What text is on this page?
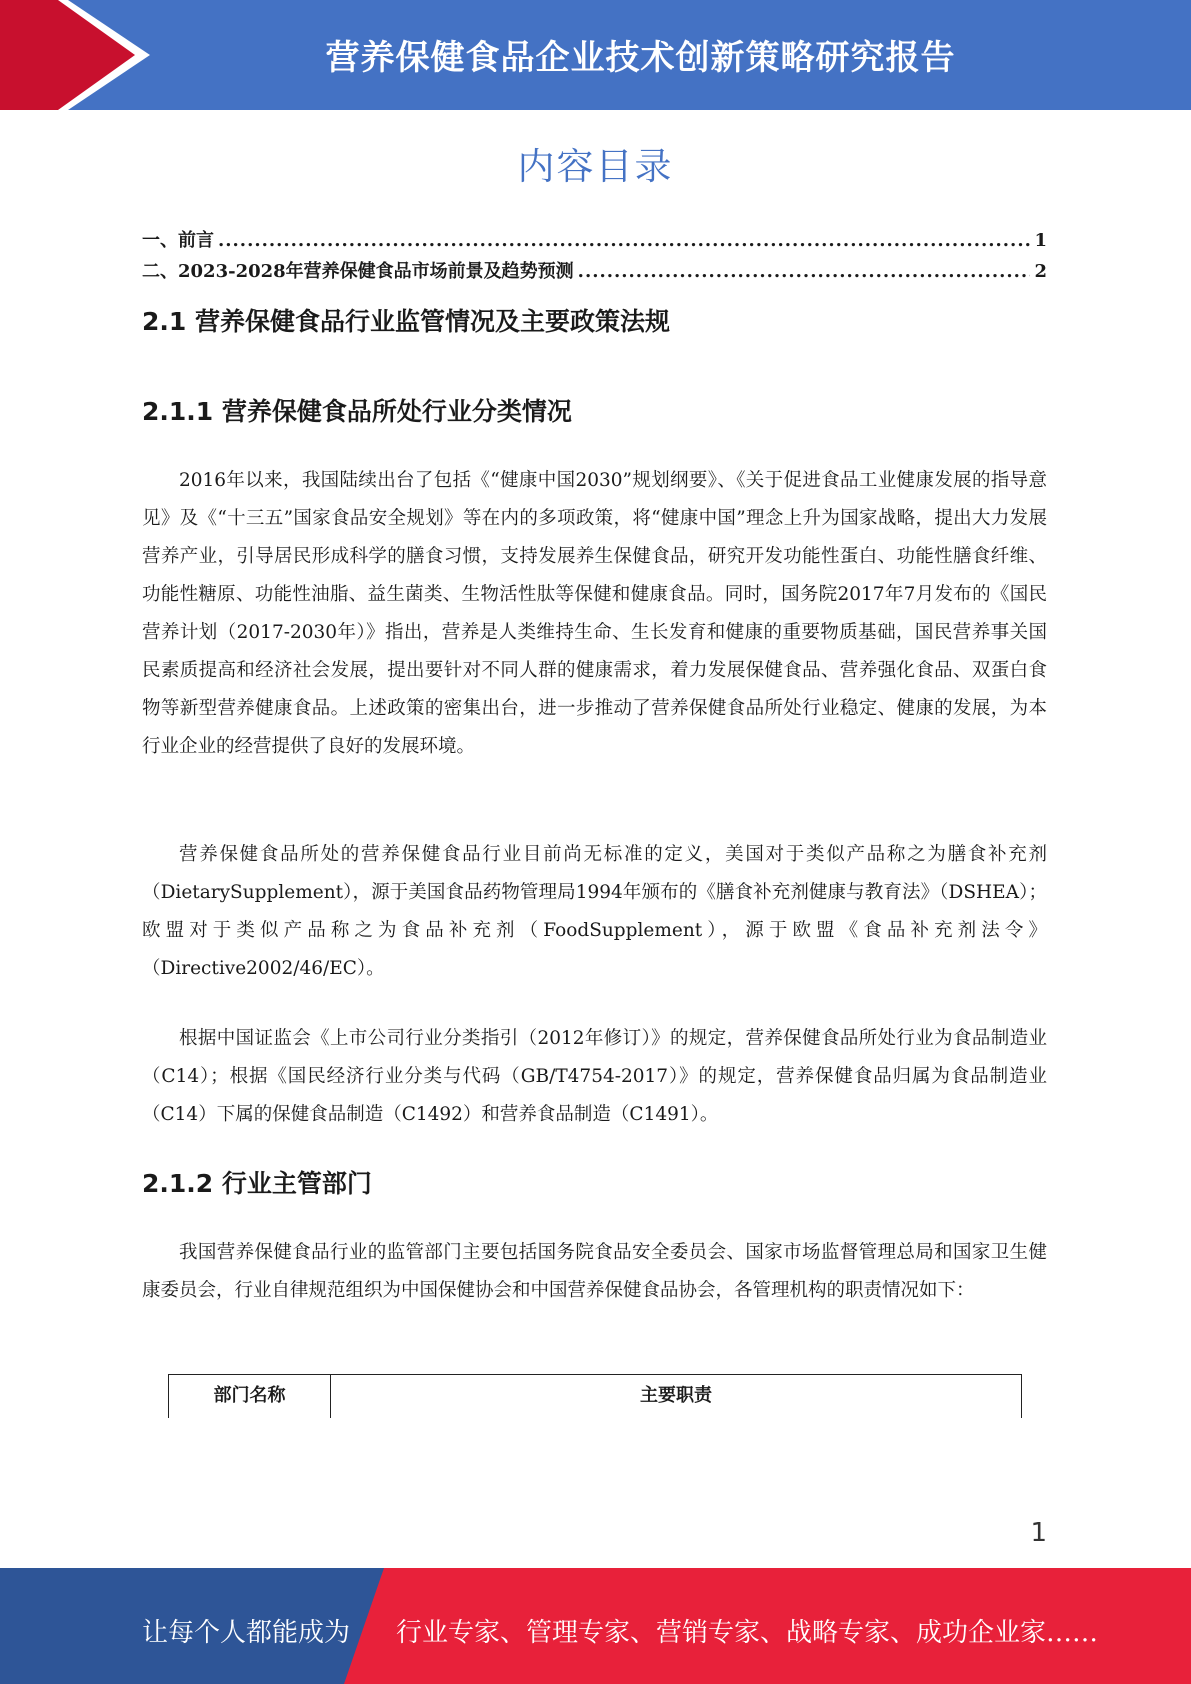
营养保健食品企业技术创新策略研究报告
内容目录
一、前言 .....	1
二、2023-2028年营养保健食品市场前景及趋势预测 .....	2
2.1 营养保健食品行业监管情况及主要政策法规
2.1.1 营养保健食品所处行业分类情况

2016年以来，我国陆续出台了包括《“健康中国2030”规划纲要》、《关于促进食品工业健康发展的指导意见》及《“十三五”国家食品安全规划》等在内的多项政策，将“健康中国”理念上升为国家战略，提出大力发展营养产业，引导居民形成科学的膳食习惯，支持发展养生保健食品，研究开发功能性蛋白、功能性膳食纤维、功能性糖原、功能性油脂、益生菌类、生物活性肽等保健和健康食品。同时，国务院2017年7月发布的《国民营养计划（2017-2030年）》指出，营养是人类维持生命、生长发育和健康的重要物质基础，国民营养事关国民素质提高和经济社会发展，提出要针对不同人群的健康需求，着力发展保健食品、营养强化食品、双蛋白食物等新型营养健康食品。上述政策的密集出台，进一步推动了营养保健食品所处行业稳定、健康的发展，为本行业企业的经营提供了良好的发展环境。

营养保健食品所处的营养保健食品行业目前尚无标准的定义，美国对于类似产品称之为膳食补充剂（DietarySupplement），源于美国食品药物管理局1994年颁布的《膳食补充剂健康与教育法》（DSHEA）；欧盟对于类似产品称之为食品补充剂（FoodSupplement），源于欧盟《食品补充剂法令》（Directive2002/46/EC）。

根据中国证监会《上市公司行业分类指引（2012年修订）》的规定，营养保健食品所处行业为食品制造业（C14）；根据《国民经济行业分类与代码（GB/T4754-2017）》的规定，营养保健食品归属为食品制造业（C14）下属的保健食品制造（C1492）和营养食品制造（C1491）。

2.1.2 行业主管部门

我国营养保健食品行业的监管部门主要包括国务院食品安全委员会、国家市场监督管理总局和国家卫生健康委员会，行业自律规范组织为中国保健协会和中国营养保健食品协会，各管理机构的职责情况如下：

部门名称	主要职责
1
让每个人都能成为 行业专家、管理专家、营销专家、战略专家、成功企业家……
